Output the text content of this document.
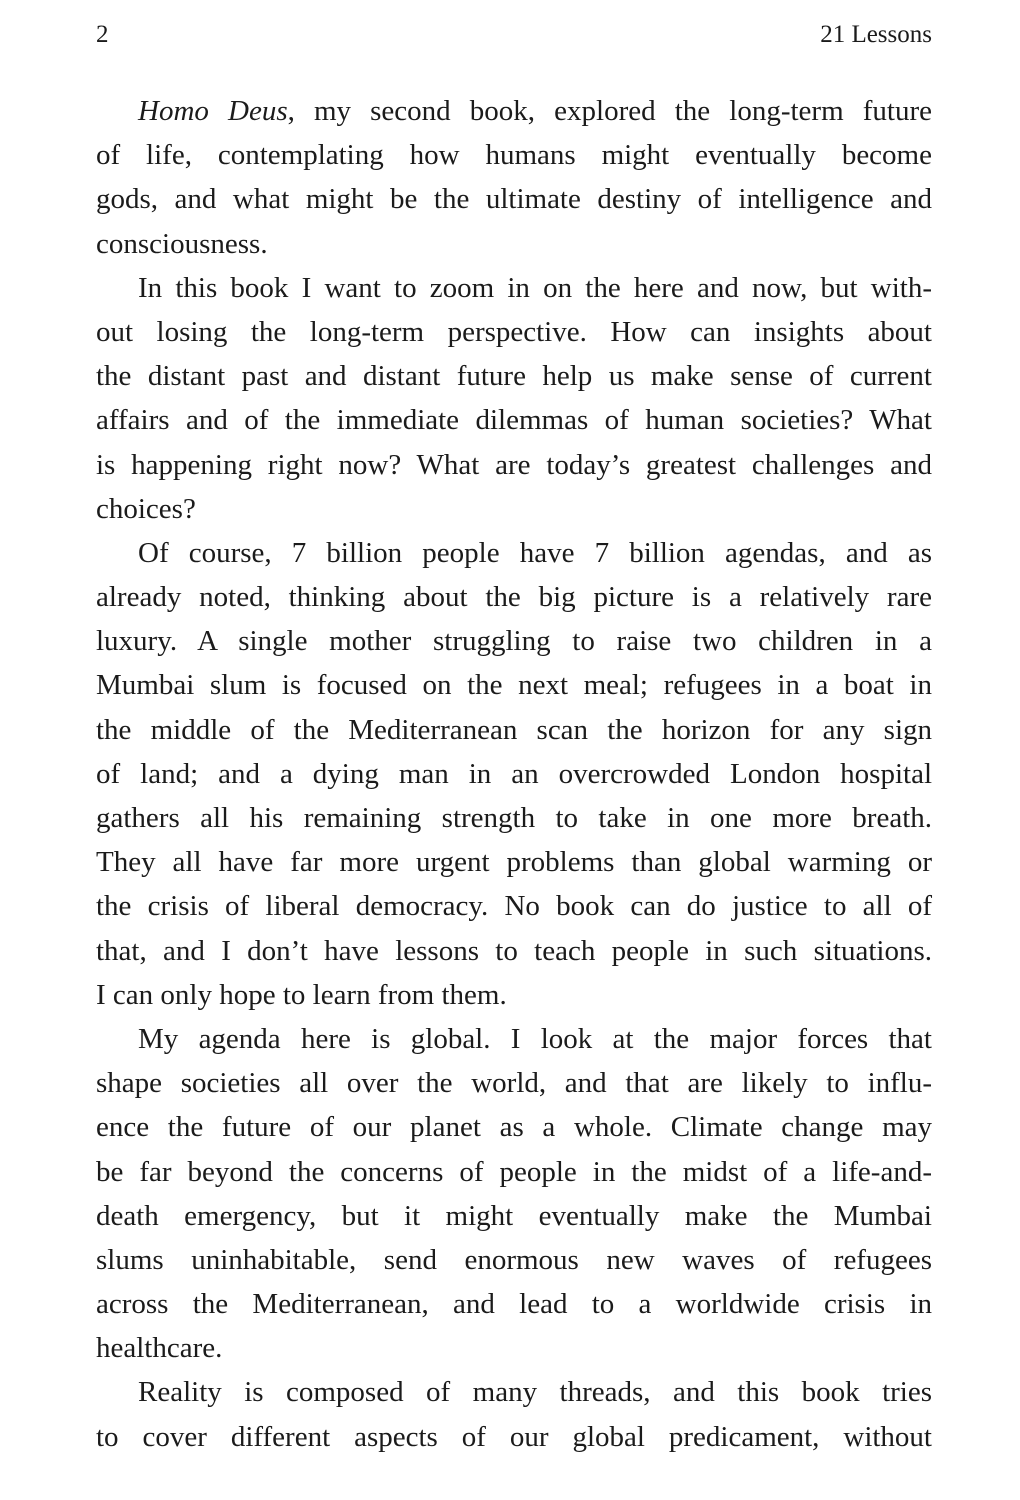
2	21 Lessons
Homo Deus, my second book, explored the long-term future
of life, contemplating how humans might eventually become
gods, and what might be the ultimate destiny of intelligence and
consciousness.
In this book I want to zoom in on the here and now, but with-
out losing the long-term perspective. How can insights about
the distant past and distant future help us make sense of current
affairs and of the immediate dilemmas of human societies? What
is happening right now? What are today’s greatest challenges and
choices?
Of course, 7 billion people have 7 billion agendas, and as
already noted, thinking about the big picture is a relatively rare
luxury. A single mother struggling to raise two children in a
Mumbai slum is focused on the next meal; refugees in a boat in
the middle of the Mediterranean scan the horizon for any sign
of land; and a dying man in an overcrowded London hospital
gathers all his remaining strength to take in one more breath.
They all have far more urgent problems than global warming or
the crisis of liberal democracy. No book can do justice to all of
that, and I don’t have lessons to teach people in such situations.
I can only hope to learn from them.
My agenda here is global. I look at the major forces that
shape societies all over the world, and that are likely to influ-
ence the future of our planet as a whole. Climate change may
be far beyond the concerns of people in the midst of a life-and-
death emergency, but it might eventually make the Mumbai
slums uninhabitable, send enormous new waves of refugees
across the Mediterranean, and lead to a worldwide crisis in
healthcare.
Reality is composed of many threads, and this book tries
to cover different aspects of our global predicament, without
